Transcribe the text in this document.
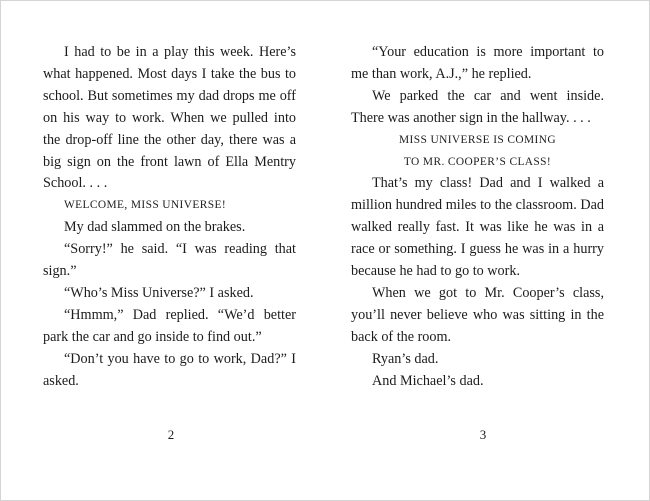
I had to be in a play this week. Here’s what happened. Most days I take the bus to school. But sometimes my dad drops me off on his way to work. When we pulled into the drop-off line the other day, there was a big sign on the front lawn of Ella Mentry School. . . .

WELCOME, MISS UNIVERSE!

My dad slammed on the brakes.

“Sorry!” he said. “I was reading that sign.”

“Who’s Miss Universe?” I asked.

“Hmmm,” Dad replied. “We’d better park the car and go inside to find out.”

“Don’t you have to go to work, Dad?” I asked.

2

“Your education is more important to me than work, A.J.,” he replied.

We parked the car and went inside. There was another sign in the hallway. . . .

MISS UNIVERSE IS COMING

TO MR. COOPER’S CLASS!

That’s my class! Dad and I walked a million hundred miles to the classroom. Dad walked really fast. It was like he was in a race or something. I guess he was in a hurry because he had to go to work.

When we got to Mr. Cooper’s class, you’ll never believe who was sitting in the back of the room.

Ryan’s dad.

And Michael’s dad.

3
